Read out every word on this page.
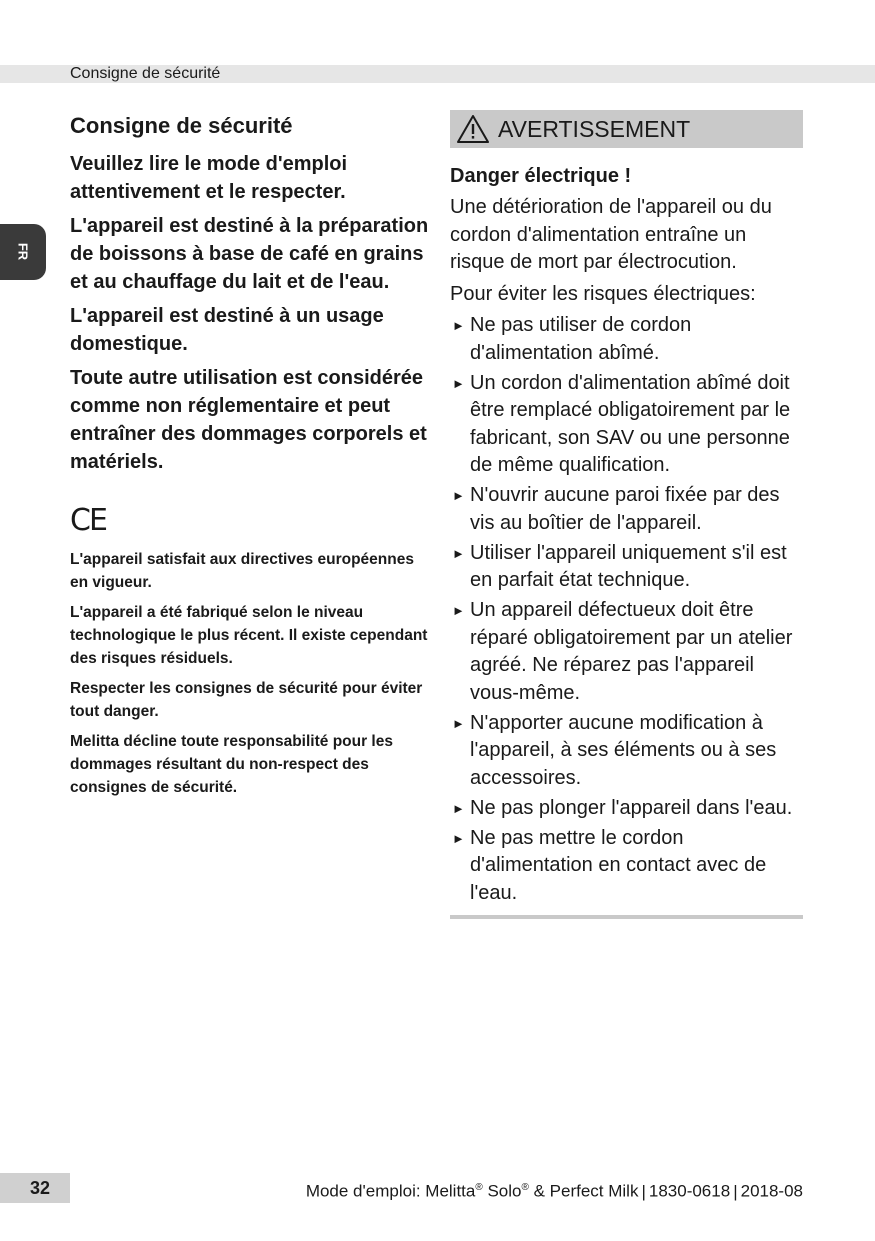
Consigne de sécurité
FR
Consigne de sécurité

Veuillez lire le mode d'emploi attentivement et le respecter.

L'appareil est destiné à la préparation de boissons à base de café en grains et au chauffage du lait et de l'eau.

L'appareil est destiné à un usage domestique.

Toute autre utilisation est considérée comme non réglementaire et peut entraîner des dommages corporels et matériels.

CE

L'appareil satisfait aux directives européennes en vigueur.

L'appareil a été fabriqué selon le niveau technologique le plus récent. Il existe cependant des risques résiduels.

Respecter les consignes de sécurité pour éviter tout danger.

Melitta décline toute responsabilité pour les dommages résultant du non-respect des consignes de sécurité.

AVERTISSEMENT
Danger électrique !

Une détérioration de l'appareil ou du cordon d'alimentation entraîne un risque de mort par électrocution.

Pour éviter les risques électriques:

► Ne pas utiliser de cordon d'alimentation abîmé.
► Un cordon d'alimentation abîmé doit être remplacé obligatoirement par le fabricant, son SAV ou une personne de même qualification.
► N'ouvrir aucune paroi fixée par des vis au boîtier de l'appareil.
► Utiliser l'appareil uniquement s'il est en parfait état technique.
► Un appareil défectueux doit être réparé obligatoirement par un atelier agréé. Ne réparez pas l'appareil vous-même.
► N'apporter aucune modification à l'appareil, à ses éléments ou à ses accessoires.
► Ne pas plonger l'appareil dans l'eau.
► Ne pas mettre le cordon d'alimentation en contact avec de l'eau.
32	Mode d'emploi: Melitta® Solo® & Perfect Milk | 1830-0618 | 2018-08
